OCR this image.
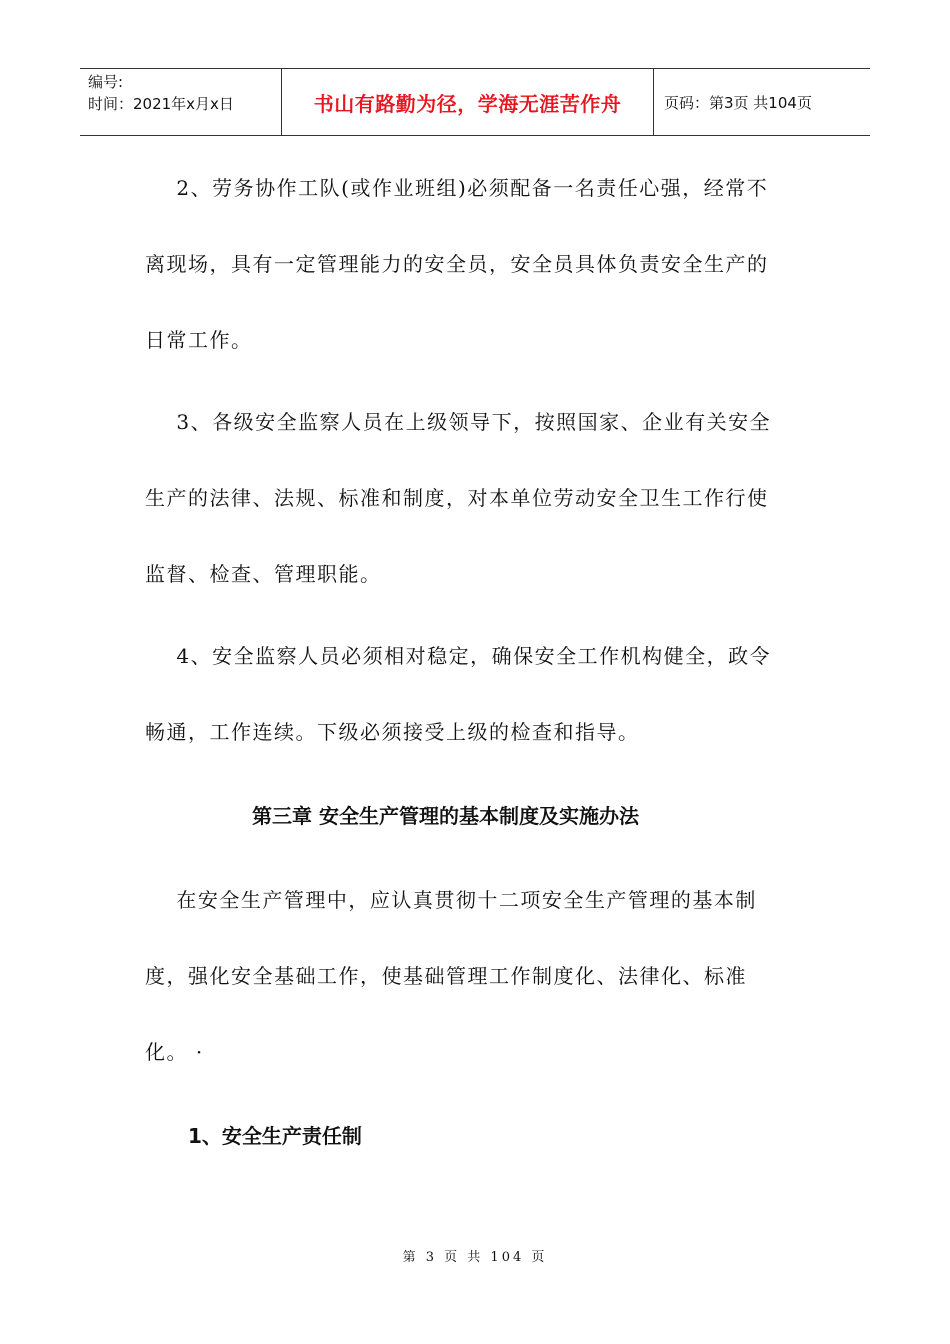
编号:
时间：2021年x月x日	书山有路勤为径，学海无涯苦作舟	页码：第3页 共104页
2、劳务协作工队(或作业班组)必须配备一名责任心强，经常不
离现场，具有一定管理能力的安全员，安全员具体负责安全生产的
日常工作。
3、各级安全监察人员在上级领导下，按照国家、企业有关安全
生产的法律、法规、标准和制度，对本单位劳动安全卫生工作行使
监督、检查、管理职能。
4、安全监察人员必须相对稳定，确保安全工作机构健全，政令
畅通，工作连续。下级必须接受上级的检查和指导。
第三章 安全生产管理的基本制度及实施办法
在安全生产管理中，应认真贯彻十二项安全生产管理的基本制
度，强化安全基础工作，使基础管理工作制度化、法律化、标准
化。 ·
1、安全生产责任制
第 3 页 共 104 页
